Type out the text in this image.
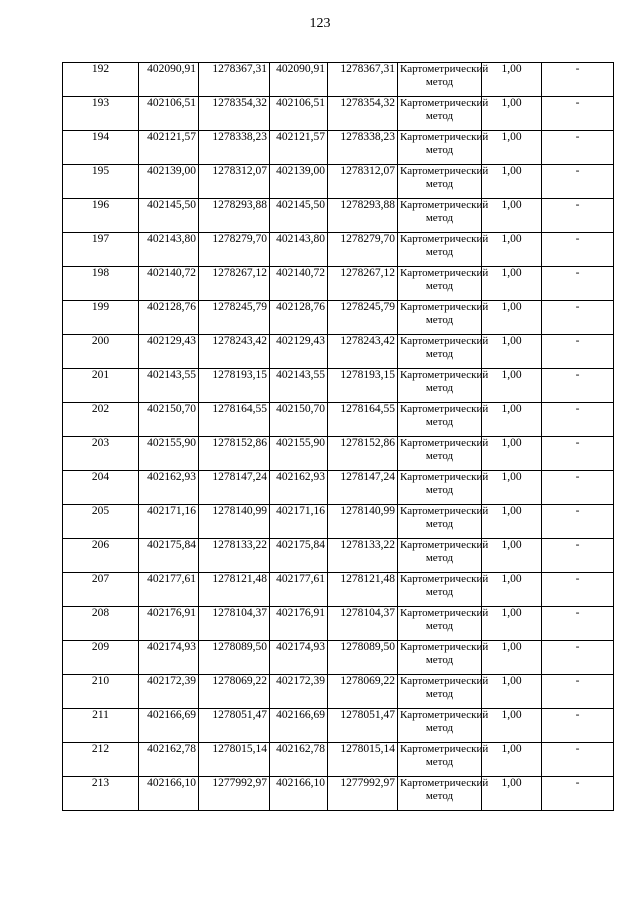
123
192	402090,91	1278367,31	402090,91	1278367,31	Картометрический метод	1,00	-
193	402106,51	1278354,32	402106,51	1278354,32	Картометрический метод	1,00	-
194	402121,57	1278338,23	402121,57	1278338,23	Картометрический метод	1,00	-
195	402139,00	1278312,07	402139,00	1278312,07	Картометрический метод	1,00	-
196	402145,50	1278293,88	402145,50	1278293,88	Картометрический метод	1,00	-
197	402143,80	1278279,70	402143,80	1278279,70	Картометрический метод	1,00	-
198	402140,72	1278267,12	402140,72	1278267,12	Картометрический метод	1,00	-
199	402128,76	1278245,79	402128,76	1278245,79	Картометрический метод	1,00	-
200	402129,43	1278243,42	402129,43	1278243,42	Картометрический метод	1,00	-
201	402143,55	1278193,15	402143,55	1278193,15	Картометрический метод	1,00	-
202	402150,70	1278164,55	402150,70	1278164,55	Картометрический метод	1,00	-
203	402155,90	1278152,86	402155,90	1278152,86	Картометрический метод	1,00	-
204	402162,93	1278147,24	402162,93	1278147,24	Картометрический метод	1,00	-
205	402171,16	1278140,99	402171,16	1278140,99	Картометрический метод	1,00	-
206	402175,84	1278133,22	402175,84	1278133,22	Картометрический метод	1,00	-
207	402177,61	1278121,48	402177,61	1278121,48	Картометрический метод	1,00	-
208	402176,91	1278104,37	402176,91	1278104,37	Картометрический метод	1,00	-
209	402174,93	1278089,50	402174,93	1278089,50	Картометрический метод	1,00	-
210	402172,39	1278069,22	402172,39	1278069,22	Картометрический метод	1,00	-
211	402166,69	1278051,47	402166,69	1278051,47	Картометрический метод	1,00	-
212	402162,78	1278015,14	402162,78	1278015,14	Картометрический метод	1,00	-
213	402166,10	1277992,97	402166,10	1277992,97	Картометрический метод	1,00	-
